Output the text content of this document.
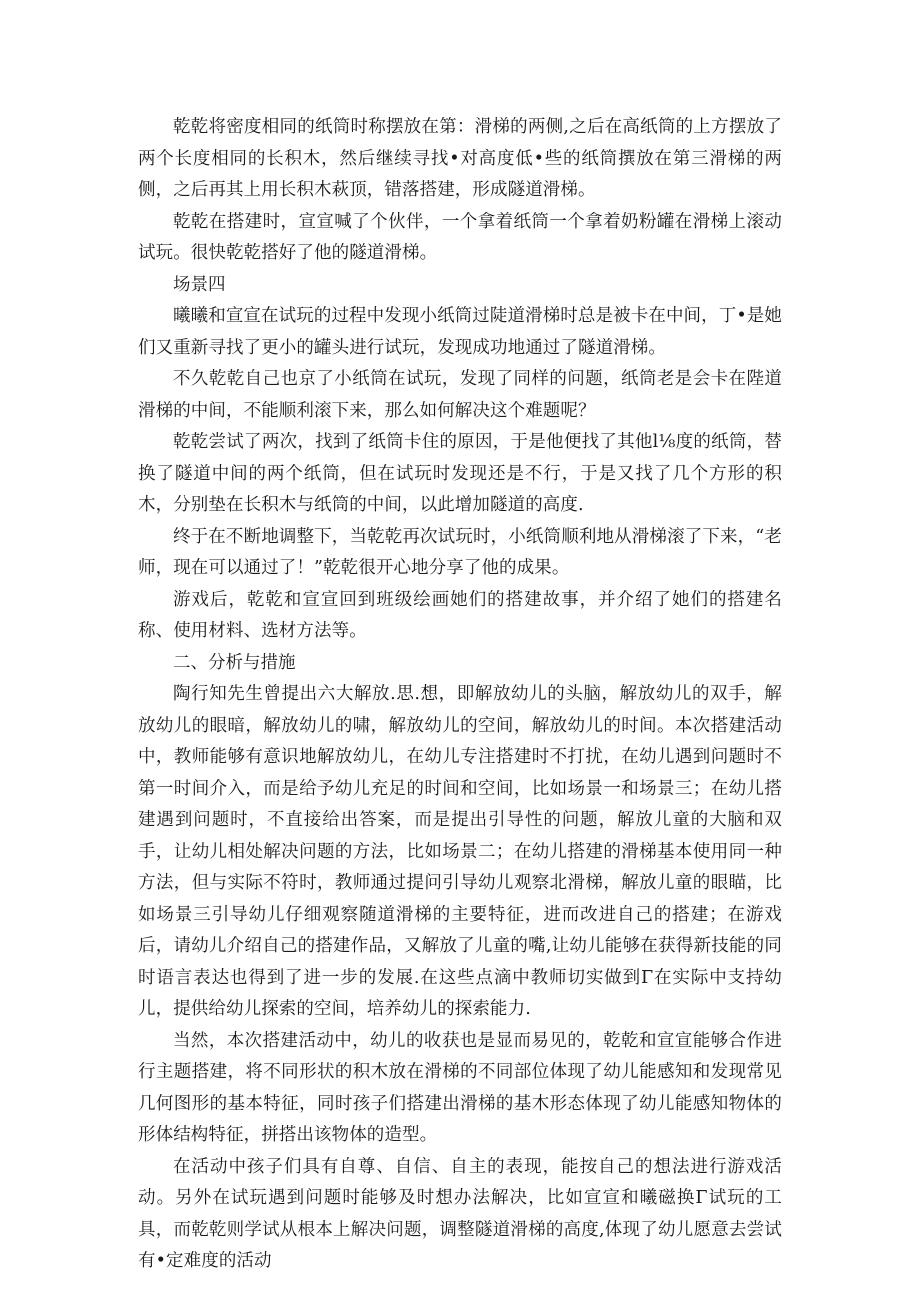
乾乾将密度相同的纸筒时称摆放在第：滑梯的两侧,之后在高纸筒的上方摆放了两个长度相同的长积木，然后继续寻找•对高度低•些的纸筒撰放在第三滑梯的两侧，之后再其上用长积木萩顶，错落搭建，形成隧道滑梯。

乾乾在搭建时，宣宣喊了个伙伴，一个拿着纸筒一个拿着奶粉罐在滑梯上滚动试玩。很快乾乾搭好了他的隧道滑梯。

场景四

曦曦和宣宣在试玩的过程中发现小纸筒过陡道滑梯时总是被卡在中间，丁•是她们又重新寻找了更小的罐头进行试玩，发现成功地通过了隧道滑梯。

不久乾乾自己也京了小纸筒在试玩，发现了同样的问题，纸筒老是会卡在陛道滑梯的中间，不能顺利滚下来，那么如何解决这个难题呢？

乾乾尝试了两次，找到了纸筒卡住的原因，于是他便找了其他l⅛度的纸筒，替换了隧道中间的两个纸筒，但在试玩时发现还是不行，于是又找了几个方形的积木，分别垫在长积木与纸筒的中间，以此增加隧道的高度.

终于在不断地调整下，当乾乾再次试玩时，小纸筒顺利地从滑梯滚了下来，“老师，现在可以通过了！”乾乾很开心地分享了他的成果。

游戏后，乾乾和宣宣回到班级绘画她们的搭建故事，并介绍了她们的搭建名称、使用材料、选材方法等。

二、分析与措施

陶行知先生曾提出六大解放.思.想，即解放幼儿的头脑，解放幼儿的双手，解放幼儿的眼暗，解放幼儿的啸，解放幼儿的空间，解放幼儿的时间。本次搭建活动中，教师能够有意识地解放幼儿，在幼儿专注搭建时不打扰，在幼儿遇到问题时不第一时间介入，而是给予幼儿充足的时间和空间，比如场景一和场景三；在幼儿搭建遇到问题时，不直接给出答案，而是提出引导性的问题，解放儿童的大脑和双手，让幼儿相处解决问题的方法，比如场景二；在幼儿搭建的滑梯基本使用同一种方法，但与实际不符时，教师通过提问引导幼儿观察北滑梯，解放儿童的眼瞄，比如场景三引导幼儿仔细观察随道滑梯的主要特征，进而改进自己的搭建；在游戏后，请幼儿介绍自己的搭建作品，又解放了儿童的嘴,让幼儿能够在获得新技能的同时语言表达也得到了进一步的发展.在这些点滴中教师切实做到Γ在实际中支持幼儿，提供给幼儿探索的空间，培养幼儿的探索能力.

当然，本次搭建活动中，幼儿的收获也是显而易见的，乾乾和宣宣能够合作进行主题搭建，将不同形状的积木放在滑梯的不同部位体现了幼儿能感知和发现常见几何图形的基本特征，同时孩子们搭建出滑梯的基木形态体现了幼儿能感知物体的形体结构特征，拼搭出该物体的造型。

在活动中孩子们具有自尊、自信、自主的表现，能按自己的想法进行游戏活动。另外在试玩遇到问题时能够及时想办法解决，比如宣宣和曦磁换Γ试玩的工具，而乾乾则学试从根本上解决问题，调整隧道滑梯的高度,体现了幼儿愿意去尝试有•定难度的活动
